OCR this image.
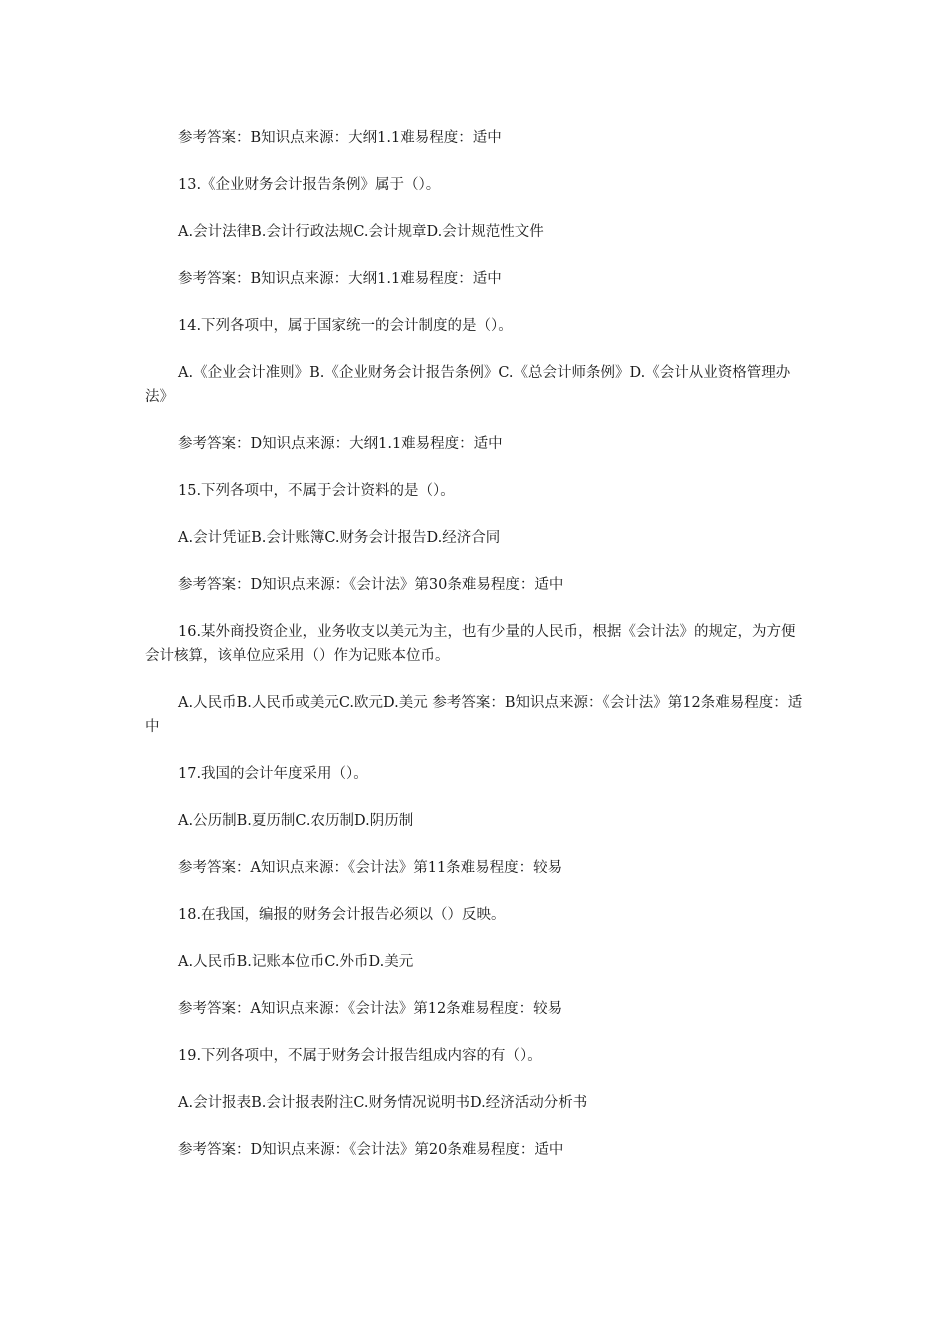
参考答案：B知识点来源：大纲1.1难易程度：适中

13.《企业财务会计报告条例》属于（）。

A.会计法律B.会计行政法规C.会计规章D.会计规范性文件

参考答案：B知识点来源：大纲1.1难易程度：适中

14.下列各项中，属于国家统一的会计制度的是（）。

A.《企业会计准则》B.《企业财务会计报告条例》C.《总会计师条例》D.《会计从业资格管理办法》

参考答案：D知识点来源：大纲1.1难易程度：适中

15.下列各项中，不属于会计资料的是（）。

A.会计凭证B.会计账簿C.财务会计报告D.经济合同

参考答案：D知识点来源：《会计法》第30条难易程度：适中

16.某外商投资企业，业务收支以美元为主，也有少量的人民币，根据《会计法》的规定，为方便会计核算，该单位应采用（）作为记账本位币。

A.人民币B.人民币或美元C.欧元D.美元 参考答案：B知识点来源：《会计法》第12条难易程度：适中

17.我国的会计年度采用（）。

A.公历制B.夏历制C.农历制D.阴历制

参考答案：A知识点来源：《会计法》第11条难易程度：较易

18.在我国，编报的财务会计报告必须以（）反映。

A.人民币B.记账本位币C.外币D.美元

参考答案：A知识点来源：《会计法》第12条难易程度：较易

19.下列各项中，不属于财务会计报告组成内容的有（）。

A.会计报表B.会计报表附注C.财务情况说明书D.经济活动分析书

参考答案：D知识点来源：《会计法》第20条难易程度：适中
